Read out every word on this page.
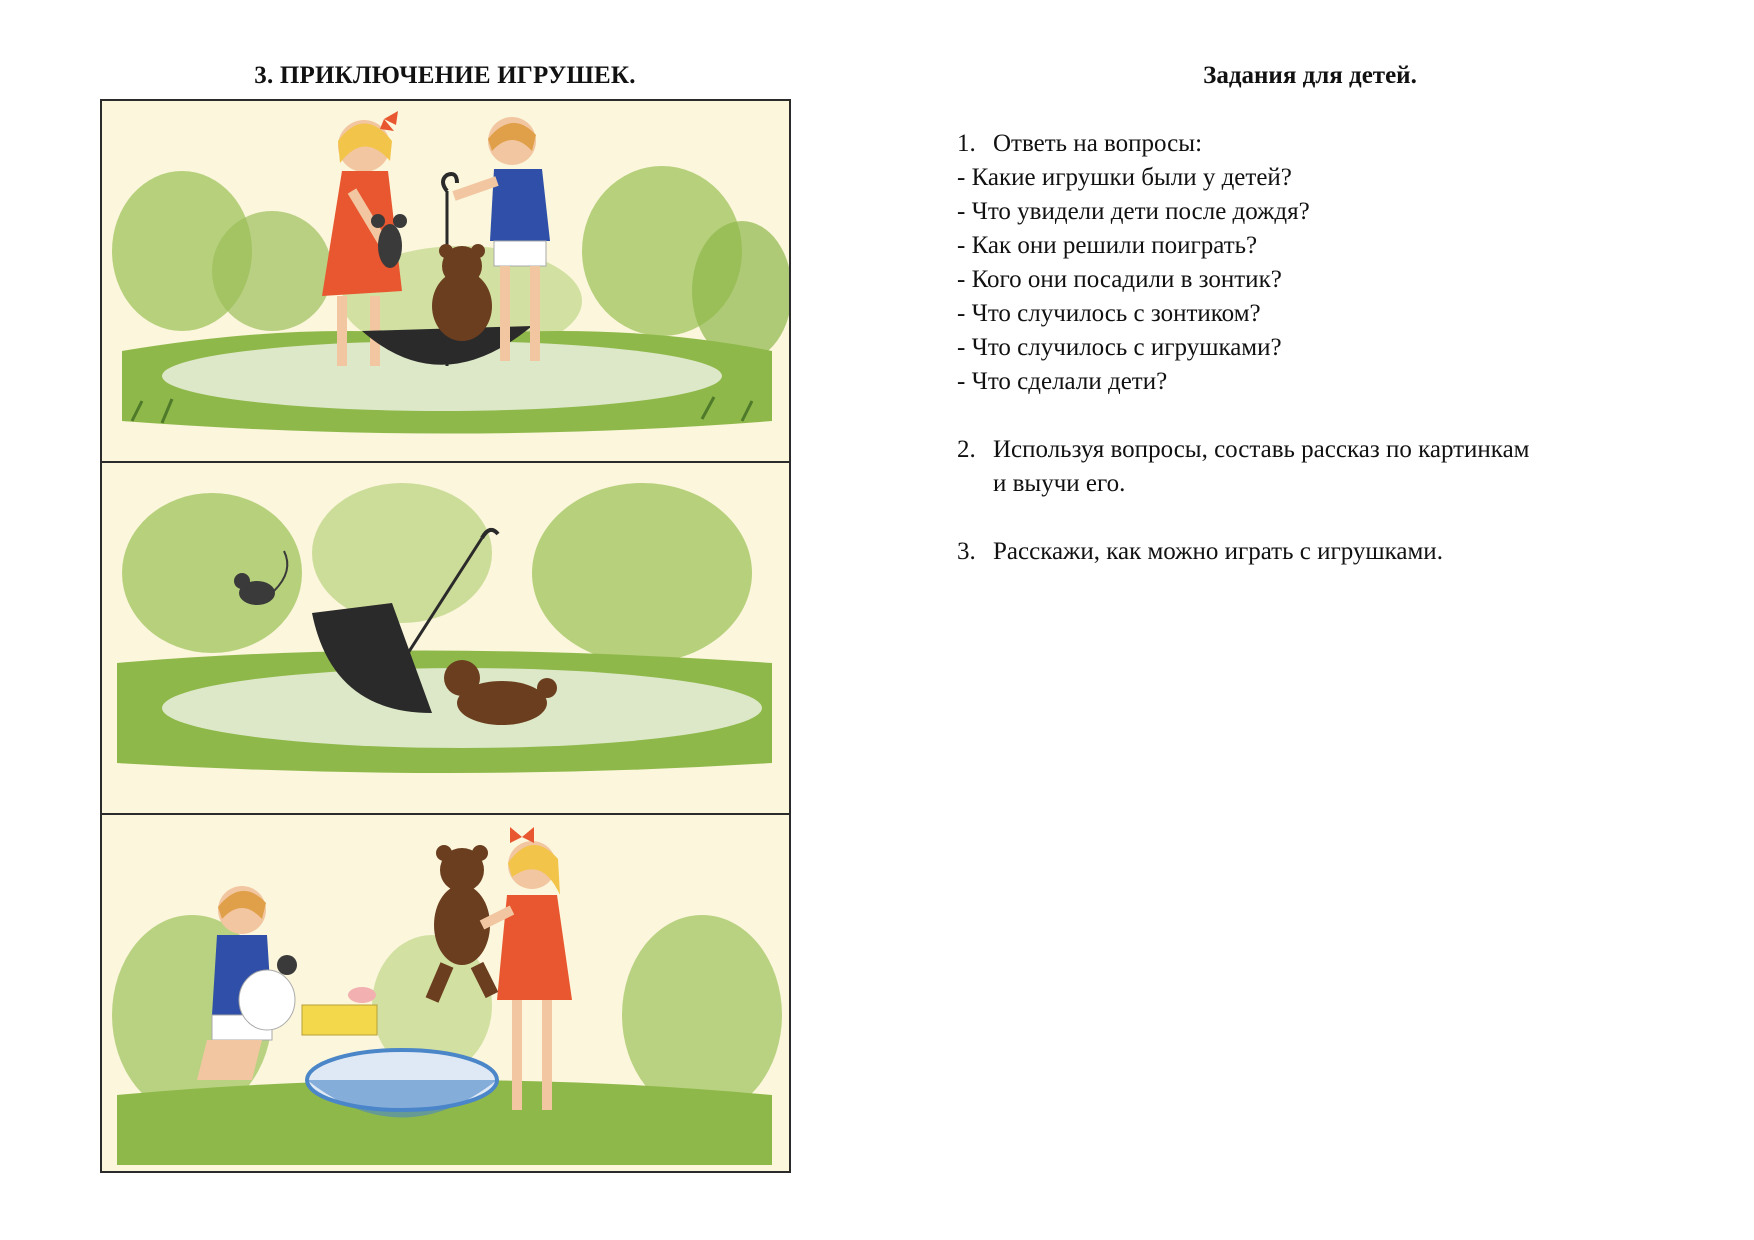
3. ПРИКЛЮЧЕНИЕ ИГРУШЕК.	Задания для детей.
1. Ответь на вопросы:
- Какие игрушки были у детей?
- Что увидели дети после дождя?
- Как они решили поиграть?
- Кого они посадили в зонтик?
- Что случилось с зонтиком?
- Что случилось с игрушками?
- Что сделали дети?
2. Используя вопросы, составь рассказ по картинкам
и выучи его.
3. Расскажи, как можно играть с игрушками.
